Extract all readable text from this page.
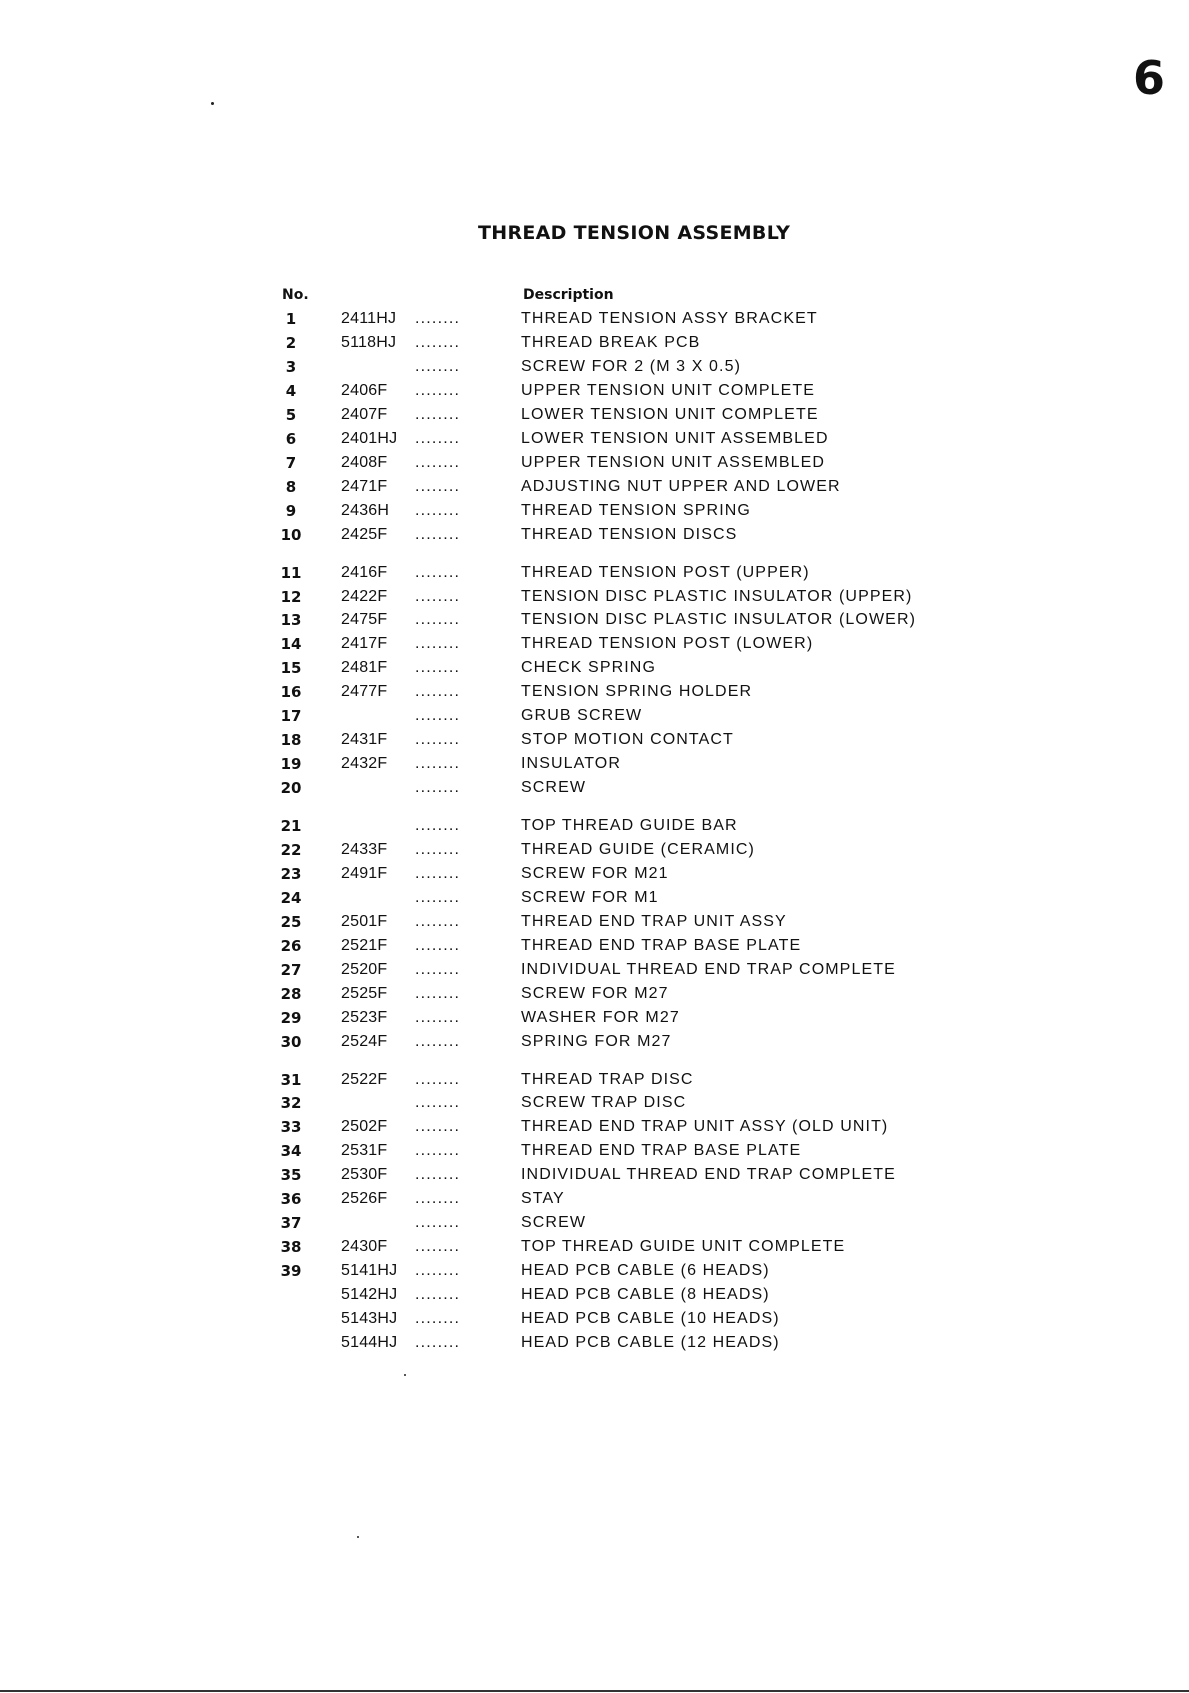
6
THREAD TENSION ASSEMBLY
No.	Description
1	2411HJ ........	THREAD TENSION ASSY BRACKET
2	5118HJ ........	THREAD BREAK PCB
3	........	SCREW FOR 2 (M 3 X 0.5)
4	2406F ........	UPPER TENSION UNIT COMPLETE
5	2407F ........	LOWER TENSION UNIT COMPLETE
6	2401HJ ........	LOWER TENSION UNIT ASSEMBLED
7	2408F ........	UPPER TENSION UNIT ASSEMBLED
8	2471F ........	ADJUSTING NUT UPPER AND LOWER
9	2436H ........	THREAD TENSION SPRING
10 2425F ........	THREAD TENSION DISCS
11 2416F ........	THREAD TENSION POST (UPPER)
12 2422F ........	TENSION DISC PLASTIC INSULATOR (UPPER)
13 2475F ........	TENSION DISC PLASTIC INSULATOR (LOWER)
14 2417F ........	THREAD TENSION POST (LOWER)
15 2481F ........	CHECK SPRING
16 2477F ........	TENSION SPRING HOLDER
17	........	GRUB SCREW
18 2431F ........	STOP MOTION CONTACT
19 2432F ........	INSULATOR
20	........	SCREW
21	........	TOP THREAD GUIDE BAR
22 2433F ........	THREAD GUIDE (CERAMIC)
23 2491F ........	SCREW FOR M21
24	........	SCREW FOR M1
25 2501F ........	THREAD END TRAP UNIT ASSY
26 2521F ........	THREAD END TRAP BASE PLATE
27 2520F ........	INDIVIDUAL THREAD END TRAP COMPLETE
28 2525F ........	SCREW FOR M27
29 2523F ........	WASHER FOR M27
30 2524F ........	SPRING FOR M27
31 2522F ........	THREAD TRAP DISC
32	........	SCREW TRAP DISC
33 2502F ........	THREAD END TRAP UNIT ASSY (OLD UNIT)
34 2531F ........	THREAD END TRAP BASE PLATE
35 2530F ........	INDIVIDUAL THREAD END TRAP COMPLETE
36 2526F ........	STAY
37	........	SCREW
38 2430F ........	TOP THREAD GUIDE UNIT COMPLETE
39 5141HJ ........	HEAD PCB CABLE (6 HEADS)
5142HJ ........	HEAD PCB CABLE (8 HEADS)
5143HJ ........	HEAD PCB CABLE (10 HEADS)
5144HJ ........	HEAD PCB CABLE (12 HEADS)
